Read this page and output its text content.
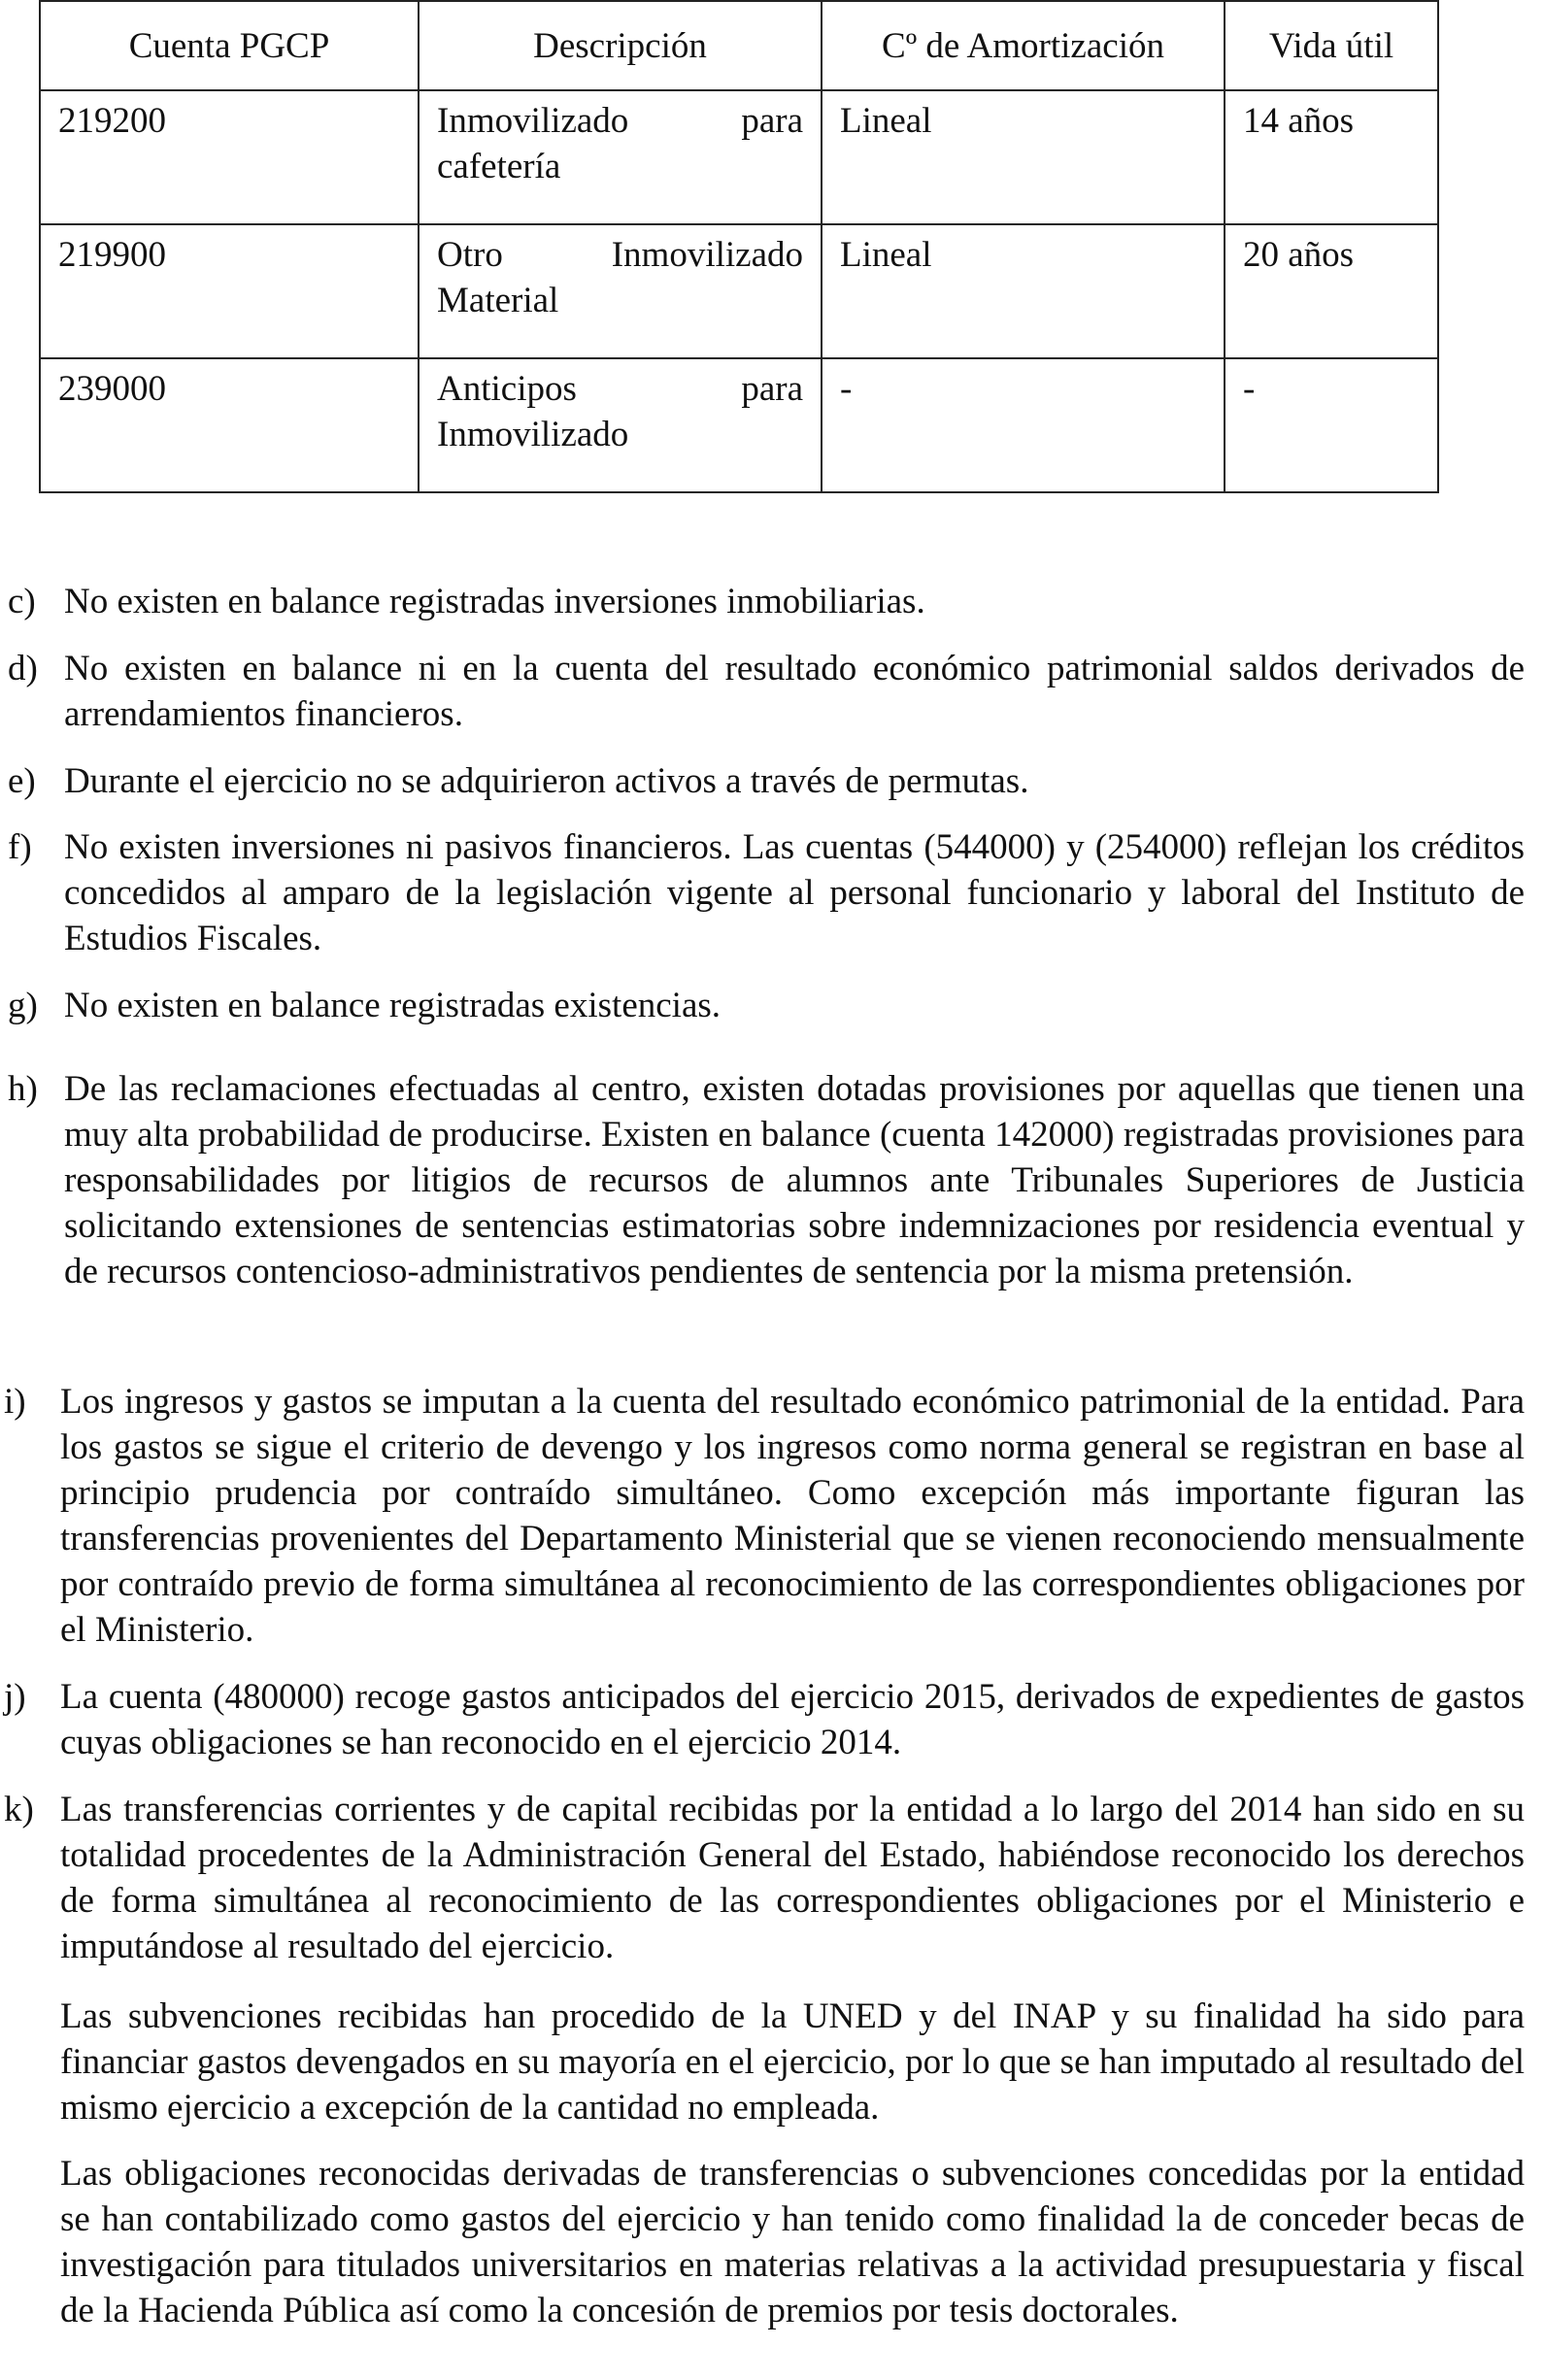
Cuenta PGCP	Descripción	Cº de Amortización	Vida útil
219200	Inmovilizado para cafetería	Lineal	14 años
219900	Otro Inmovilizado Material	Lineal	20 años
239000	Anticipos para Inmovilizado	-	-
c) No existen en balance registradas inversiones inmobiliarias.
d) No existen en balance ni en la cuenta del resultado económico patrimonial saldos derivados de arrendamientos financieros.
e) Durante el ejercicio no se adquirieron activos a través de permutas.
f) No existen inversiones ni pasivos financieros. Las cuentas (544000) y (254000) reflejan los créditos concedidos al amparo de la legislación vigente al personal funcionario y laboral del Instituto de Estudios Fiscales.
g) No existen en balance registradas existencias.
h) De las reclamaciones efectuadas al centro, existen dotadas provisiones por aquellas que tienen una muy alta probabilidad de producirse. Existen en balance (cuenta 142000) registradas provisiones para responsabilidades por litigios de recursos de alumnos ante Tribunales Superiores de Justicia solicitando extensiones de sentencias estimatorias sobre indemnizaciones por residencia eventual y de recursos contencioso-administrativos pendientes de sentencia por la misma pretensión.
i) Los ingresos y gastos se imputan a la cuenta del resultado económico patrimonial de la entidad. Para los gastos se sigue el criterio de devengo y los ingresos como norma general se registran en base al principio prudencia por contraído simultáneo. Como excepción más importante figuran las transferencias provenientes del Departamento Ministerial que se vienen reconociendo mensualmente por contraído previo de forma simultánea al reconocimiento de las correspondientes obligaciones por el Ministerio.
j) La cuenta (480000) recoge gastos anticipados del ejercicio 2015, derivados de expedientes de gastos cuyas obligaciones se han reconocido en el ejercicio 2014.
k) Las transferencias corrientes y de capital recibidas por la entidad a lo largo del 2014 han sido en su totalidad procedentes de la Administración General del Estado, habiéndose reconocido los derechos de forma simultánea al reconocimiento de las correspondientes obligaciones por el Ministerio e imputándose al resultado del ejercicio.
Las subvenciones recibidas han procedido de la UNED y del INAP y su finalidad ha sido para financiar gastos devengados en su mayoría en el ejercicio, por lo que se han imputado al resultado del mismo ejercicio a excepción de la cantidad no empleada.
Las obligaciones reconocidas derivadas de transferencias o subvenciones concedidas por la entidad se han contabilizado como gastos del ejercicio y han tenido como finalidad la de conceder becas de investigación para titulados universitarios en materias relativas a la actividad presupuestaria y fiscal de la Hacienda Pública así como la concesión de premios por tesis doctorales.
